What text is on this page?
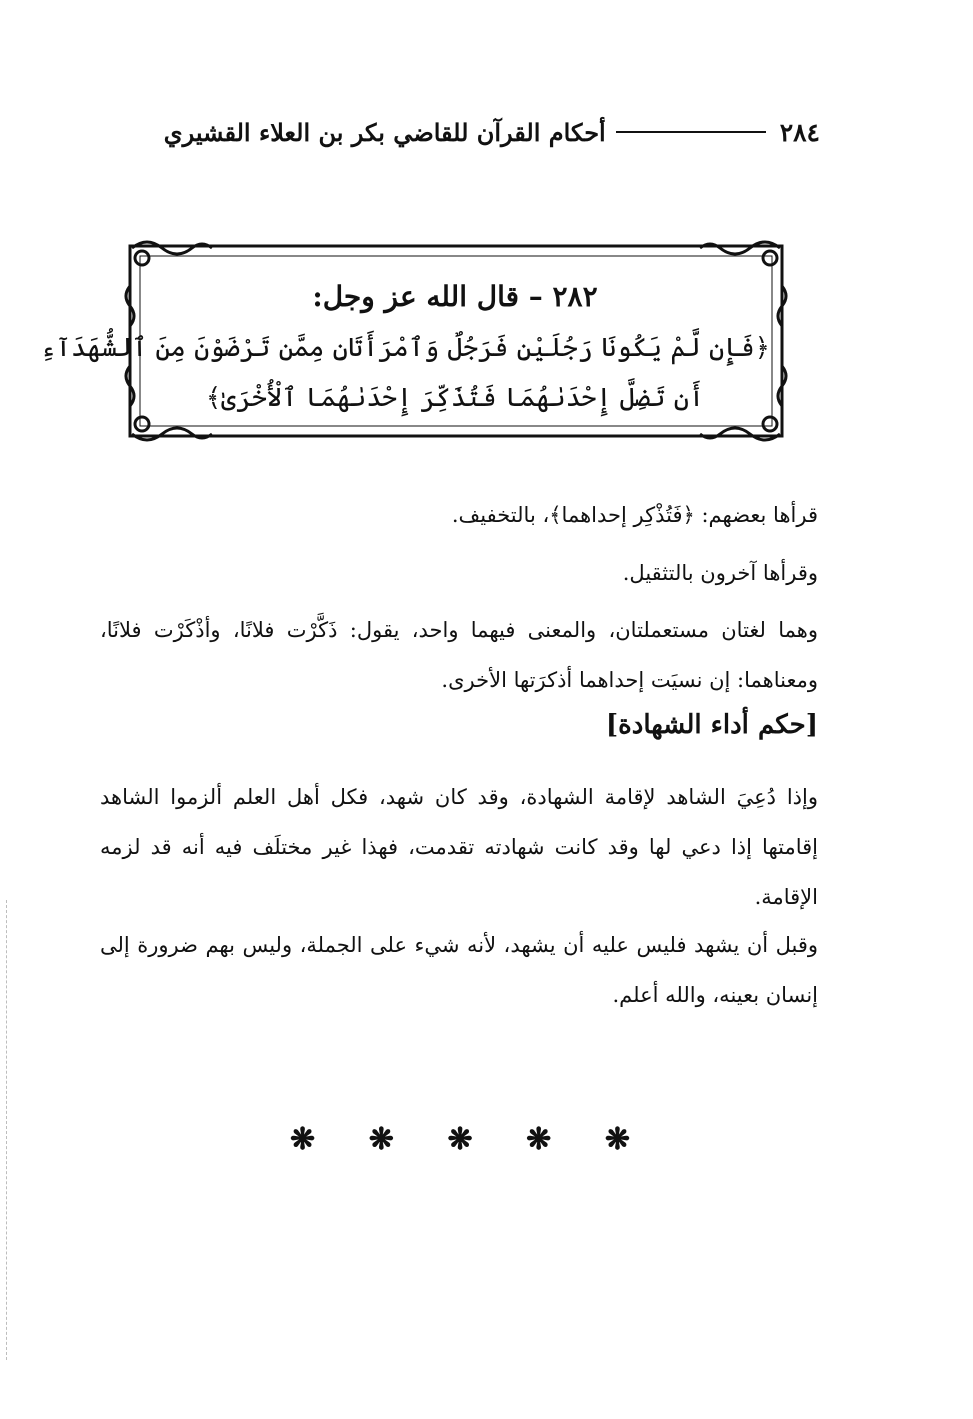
٢٨٤
أحكام القرآن للقاضي بكر بن العلاء القشيري
٢٨٢ – قال الله عز وجل:
﴿فَإِن لَّمْ يَكُونَا رَجُلَيْنِ فَرَجُلٌ وَٱمْرَأَتَانِ مِمَّن تَرْضَوْنَ مِنَ ٱلشُّهَدَآءِ
أَن تَضِلَّ إِحْدَىٰهُمَا فَتُذَكِّرَ إِحْدَىٰهُمَا ٱلْأُخْرَىٰ﴾
قرأها بعضهم: ﴿فَتُذْكِر إحداهما﴾، بالتخفيف.
وقرأها آخرون بالتثقيل.
وهما لغتان مستعملتان، والمعنى فيهما واحد، يقول: ذَكَّرْت فلانًا، وأذْكَرْت فلانًا، ومعناهما: إن نسيَت إحداهما أذكرَتها الأخرى.
[حكم أداء الشهادة]
وإذا دُعِيَ الشاهد لإقامة الشهادة، وقد كان شهد، فكل أهل العلم ألزموا الشاهد إقامتها إذا دعي لها وقد كانت شهادته تقدمت، فهذا غير مختلَف فيه أنه قد لزمه الإقامة.
وقبل أن يشهد فليس عليه أن يشهد، لأنه شيء على الجملة، وليس بهم ضرورة إلى إنسان بعينه، والله أعلم.
❋
❋
❋
❋
❋
